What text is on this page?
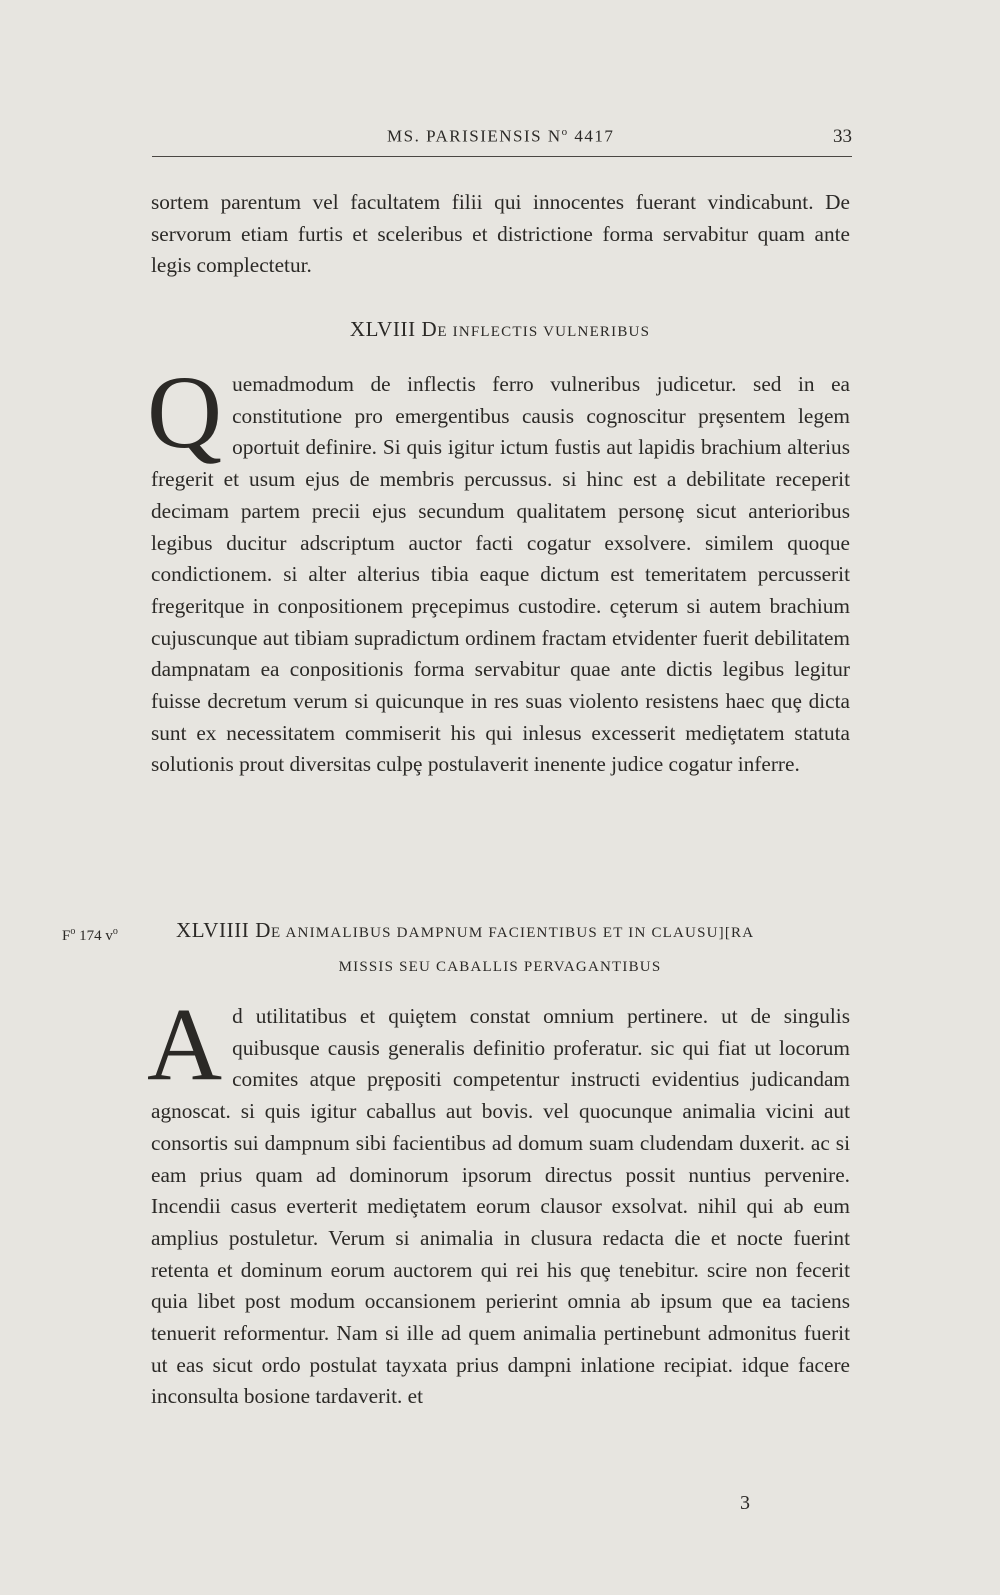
MS. PARISIENSIS $N^o$ 4417	33

sortem parentum vel facultatem filii qui innocentes fuerant vindicabunt. De servorum etiam furtis et sceleribus et districtione forma servabitur quam ante legis complectetur.

XLVIII DE INFLECTIS VULNERIBUS
Q uemadmodum de inflectis ferro vulneribus judicetur. sed in ea constitutione pro emergentibus causis cognoscitur prȩsentem legem oportuit definire. Si quis igitur ictum fustis aut lapidis brachium alterius fregerit et usum ejus de membris percussus. si hinc est a debilitate receperit decimam partem precii ejus secundum qualitatem personȩ sicut anterioribus legibus ducitur adscriptum auctor facti cogatur exsolvere. similem quoque condictionem. si alter alterius tibia eaque dictum est temeritatem percusserit fregeritque in conpositionem prȩcepimus custodire. cȩterum si autem brachium cujuscunque aut tibiam supradictum ordinem fractam etvidenter fuerit debilitatem dampnatam ea conpositionis forma servabitur quae ante dictis legibus legitur fuisse decretum verum si quicunque in res suas violento resistens haec quȩ dicta sunt ex necessitatem commiserit his qui inlesus excesserit mediȩtatem statuta solutionis prout diversitas culpȩ postulaverit inenente judice cogatur inferre.

$F^o$ 174 $v^o$	XLVIIII DE ANIMALIBUS DAMPNUM FACIENTIBUS ET IN CLAUSU][RA
MISSIS SEU CABALLIS PERVAGANTIBUS
A d utilitatibus et quiȩtem constat omnium pertinere. ut de singulis quibusque causis generalis definitio proferatur. sic qui fiat ut locorum comites atque prȩpositi competentur instructi evidentius judicandam agnoscat. si quis igitur caballus aut bovis. vel quocunque animalia vicini aut consortis sui dampnum sibi facientibus ad domum suam cludendam duxerit. ac si eam prius quam ad dominorum ipsorum directus possit nuntius pervenire. Incendii casus everterit mediȩtatem eorum clausor exsolvat. nihil qui ab eum amplius postuletur. Verum si animalia in clusura redacta die et nocte fuerint retenta et dominum eorum auctorem qui rei his quȩ tenebitur. scire non fecerit quia libet post modum occansionem perierint omnia ab ipsum que ea taciens tenuerit reformentur. Nam si ille ad quem animalia pertinebunt admonitus fuerit ut eas sicut ordo postulat tayxata prius dampni inlatione recipiat. idque facere inconsulta bosione tardaverit. et

3
